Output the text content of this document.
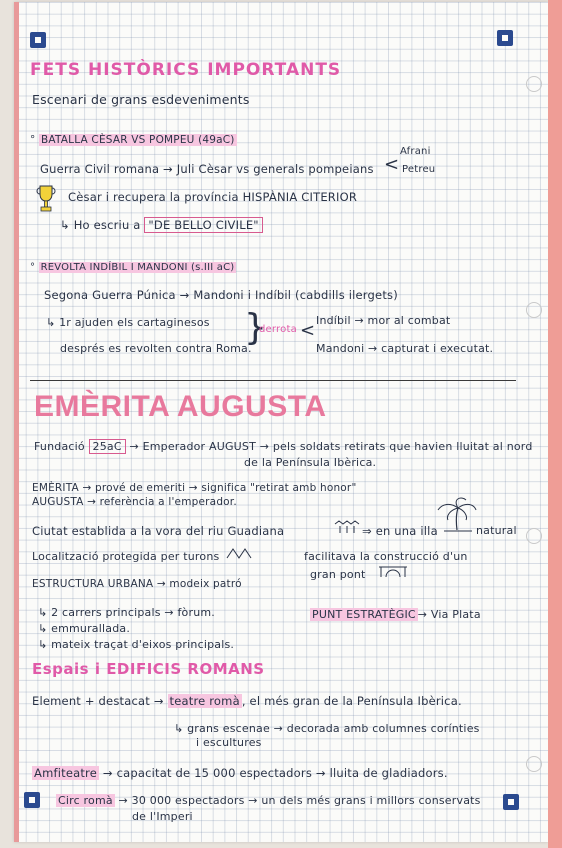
FETS HISTÒRICS IMPORTANTS
Escenari de grans esdeveniments
° BATALLA CÈSAR VS POMPEU (49aC)
Guerra Civil romana → Juli Cèsar vs generals pompeians <
Afrani
Petreu
Cèsar i recupera la província HISPÀNIA CITERIOR
↳ Ho escriu a "DE BELLO CIVILE"
° REVOLTA INDÍBIL I MANDONI (s.III aC)
Segona Guerra Púnica → Mandoni i Indíbil (cabdills ilergets)
↳ 1r ajuden els cartaginesos
després es revolten contra Roma.
}
derrota < Indíbil → mor al combat
Mandoni → capturat i executat.
EMÈRITA AUGUSTA
Fundació 25aC → Emperador AUGUST → pels soldats retirats que havien lluitat al nord
de la Península Ibèrica.
EMÈRITA → prové de emeriti → significa "retirat amb honor"
AUGUSTA → referència a l'emperador.
Ciutat establida a la vora del riu Guadiana	⇒ en una illa	natural
Localització protegida per turons	facilitava la construcció d'un
gran pont
ESTRUCTURA URBANA → modeix patró
↳ 2 carrers principals → fòrum.
↳ emmurallada.
↳ mateix traçat d'eixos principals.
PUNT ESTRATÈGIC → Via Plata
Espais i EDIFICIS ROMANS
Element + destacat → teatre romà , el més gran de la Península Ibèrica.
↳ grans escenae → decorada amb columnes corínties
i escultures
Amfiteatre → capacitat de 15 000 espectadors → lluita de gladiadors.
Circ romà → 30 000 espectadors → un dels més grans i millors conservats
de l'Imperi
